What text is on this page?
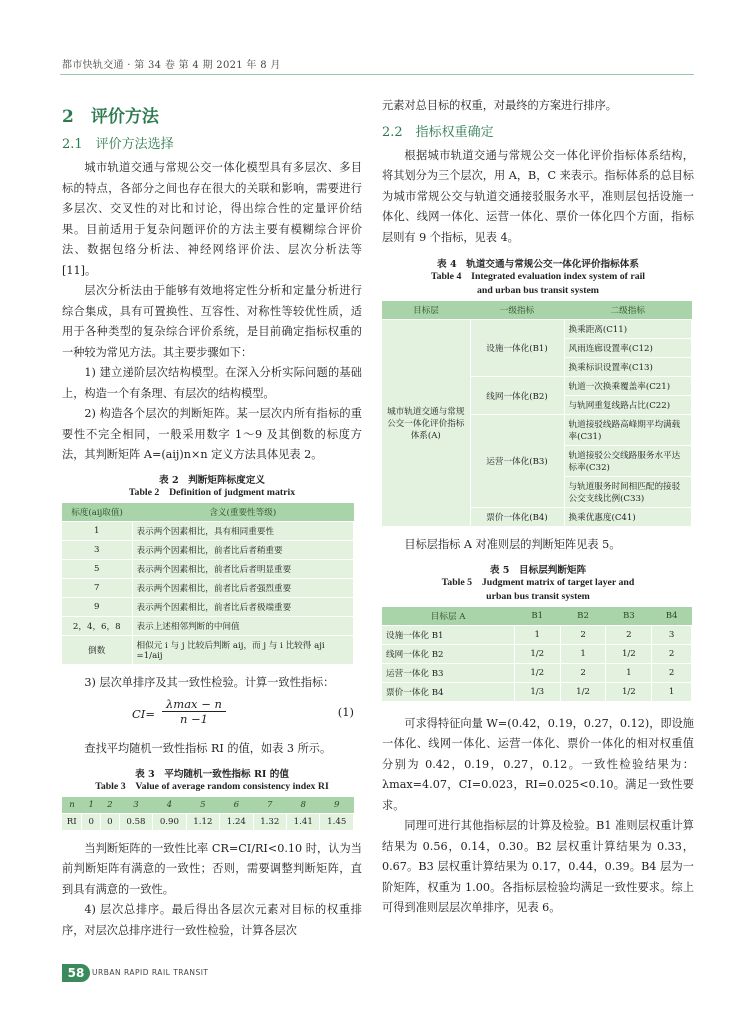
都市快轨交通 · 第 34 卷 第 4 期 2021 年 8 月
2　评价方法
2.1　评价方法选择

城市轨道交通与常规公交一体化模型具有多层次、多目标的特点，各部分之间也存在很大的关联和影响，需要进行多层次、交叉性的对比和讨论，得出综合性的定量评价结果。目前适用于复杂问题评价的方法主要有模糊综合评价法、数据包络分析法、神经网络评价法、层次分析法等[11]。

层次分析法由于能够有效地将定性分析和定量分析进行综合集成，具有可置换性、互容性、对称性等较优性质，适用于各种类型的复杂综合评价系统，是目前确定指标权重的一种较为常见方法。其主要步骤如下：

1) 建立递阶层次结构模型。在深入分析实际问题的基础上，构造一个有条理、有层次的结构模型。

2) 构造各个层次的判断矩阵。某一层次内所有指标的重要性不完全相同，一般采用数字 1～9 及其倒数的标度方法，其判断矩阵 A=(aij)n×n 定义方法具体见表 2。

表 2　判断矩阵标度定义
Table 2　Definition of judgment matrix
标度(aij取值)	含义(重要性等级)
1	表示两个因素相比，具有相同重要性
3	表示两个因素相比，前者比后者稍重要
5	表示两个因素相比，前者比后者明显重要
7	表示两个因素相比，前者比后者强烈重要
9	表示两个因素相比，前者比后者极端重要
2，4，6，8	表示上述相邻判断的中间值
倒数	相似元 i 与 j 比较后判断 aij，而 j 与 i 比较得 aji =1/aij

3) 层次单排序及其一致性检验。计算一致性指标：

CI=
λmax − n
n −1	(1)

查找平均随机一致性指标 RI 的值，如表 3 所示。

表 3　平均随机一致性指标 RI 的值
Table 3　Value of average random consistency index RI
n	1	2	3	4	5	6	7	8	9
RI	0	0	0.58	0.90	1.12	1.24	1.32	1.41	1.45

当判断矩阵的一致性比率 CR=CI/RI<0.10 时，认为当前判断矩阵有满意的一致性；否则，需要调整判断矩阵，直到具有满意的一致性。

4) 层次总排序。最后得出各层次元素对目标的权重排序，对层次总排序进行一致性检验，计算各层次

元素对总目标的权重，对最终的方案进行排序。

2.2　指标权重确定

根据城市轨道交通与常规公交一体化评价指标体系结构，将其划分为三个层次，用 A，B，C 来表示。指标体系的总目标为城市常规公交与轨道交通接驳服务水平，准则层包括设施一体化、线网一体化、运营一体化、票价一体化四个方面，指标层则有 9 个指标，见表 4。

表 4　轨道交通与常规公交一体化评价指标体系
Table 4　Integrated evaluation index system of rail
and urban bus transit system
目标层	一级指标	二级指标
城市轨道交通与常规公交一体化评价指标体系(A)	设施一体化(B1)	换乘距离(C11)
		风雨连廊设置率(C12)
		换乘标识设置率(C13)
	线网一体化(B2)	轨道一次换乘覆盖率(C21)
		与轨网重复线路占比(C22)
	运营一体化(B3)	轨道接驳线路高峰期平均满载率(C31)
		轨道接驳公交线路服务水平达标率(C32)
		与轨道服务时间相匹配的接驳公交支线比例(C33)
	票价一体化(B4)	换乘优惠度(C41)

目标层指标 A 对准则层的判断矩阵见表 5。

表 5　目标层判断矩阵
Table 5　Judgment matrix of target layer and
urban bus transit system
目标层 A	B1	B2	B3	B4
设施一体化 B1	1	2	2	3
线网一体化 B2	1/2	1	1/2	2
运营一体化 B3	1/2	2	1	2
票价一体化 B4	1/3	1/2	1/2	1

可求得特征向量 W=(0.42，0.19，0.27，0.12)，即设施一体化、线网一体化、运营一体化、票价一体化的相对权重值分别为 0.42，0.19，0.27，0.12。一致性检验结果为：λmax=4.07，CI=0.023，RI=0.025<0.10。满足一致性要求。

同理可进行其他指标层的计算及检验。B1 准则层权重计算结果为 0.56，0.14，0.30。B2 层权重计算结果为 0.33，0.67。B3 层权重计算结果为 0.17，0.44，0.39。B4 层为一阶矩阵，权重为 1.00。各指标层检验均满足一致性要求。综上可得到准则层层次单排序，见表 6。

58	URBAN RAPID RAIL TRANSIT
